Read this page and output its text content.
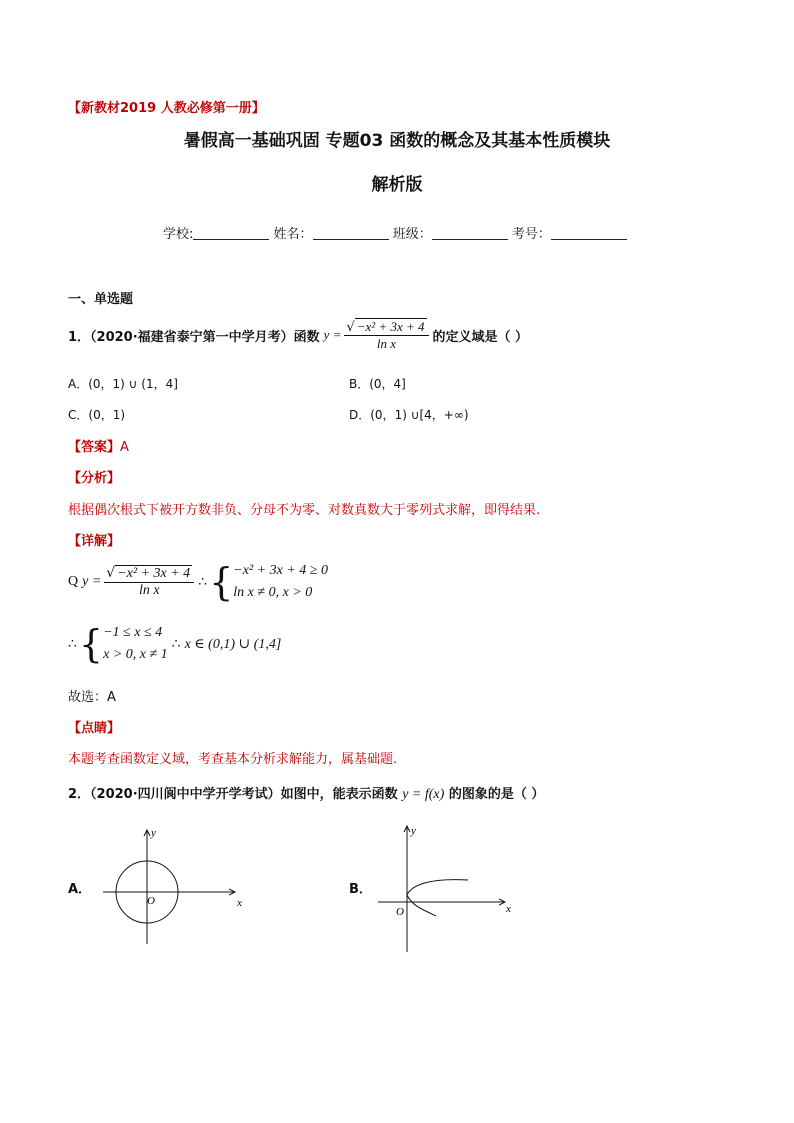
【新教材2019 人教必修第一册】
暑假高一基础巩固 专题03 函数的概念及其基本性质模块
解析版
学校:	姓名：	班级：	考号：
一、单选题
1．（2020·福建省泰宁第一中学月考）函数 $y = \frac{\text{√ −x² + 3x + 4}}{\text{ln x}}$ 的定义域是（ ）
A．(0，1) ∪ (1，4]	B．(0，4]
C．(0，1)	D．(0，1) ∪[4，+∞)
【答案】A
【分析】
根据偶次根式下被开方数非负、分母不为零、对数真数大于零列式求解，即得结果.
【详解】
Q $y = \frac{\text{√ −x² + 3x + 4}}{\text{ln x}}$ ∴ { −x² + 3x + 4 ≥ 0
ln x ≠ 0, x > 0
∴ { −1 ≤ x ≤ 4
x > 0, x ≠ 1
∴ x ∈ (0,1) ∪ (1,4]
故选：A
【点睛】
本题考查函数定义域，考查基本分析求解能力，属基础题.
2．（2020·四川阆中中学开学考试）如图中，能表示函数 y = f(x) 的图象的是（ ）
A．
x
y
O
B．
x
y
O
